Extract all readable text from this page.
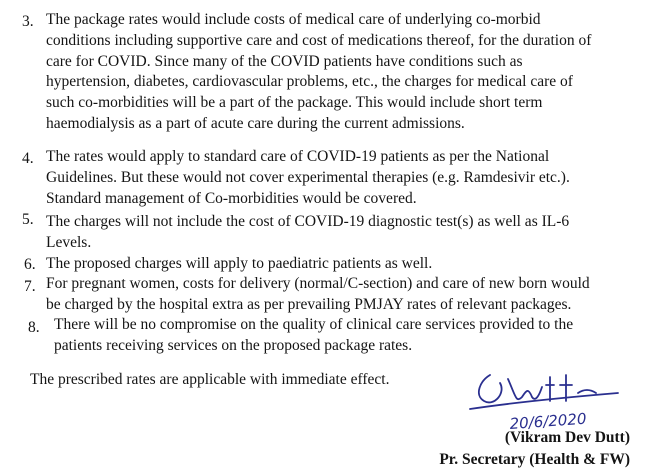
3. The package rates would include costs of medical care of underlying co-morbid
conditions including supportive care and cost of medications thereof, for the duration of
care for COVID. Since many of the COVID patients have conditions such as
hypertension, diabetes, cardiovascular problems, etc., the charges for medical care of
such co-morbidities will be a part of the package. This would include short term
haemodialysis as a part of acute care during the current admissions.
4. The rates would apply to standard care of COVID-19 patients as per the National
Guidelines. But these would not cover experimental therapies (e.g. Ramdesivir etc.).
Standard management of Co-morbidities would be covered.
5. The charges will not include the cost of COVID-19 diagnostic test(s) as well as IL-6
Levels.
6. The proposed charges will apply to paediatric patients as well.
7. For pregnant women, costs for delivery (normal/C-section) and care of new born would
be charged by the hospital extra as per prevailing PMJAY rates of relevant packages.
8. There will be no compromise on the quality of clinical care services provided to the
patients receiving services on the proposed package rates.
The prescribed rates are applicable with immediate effect.
20/6/2020
(Vikram Dev Dutt)
Pr. Secretary (Health & FW)
